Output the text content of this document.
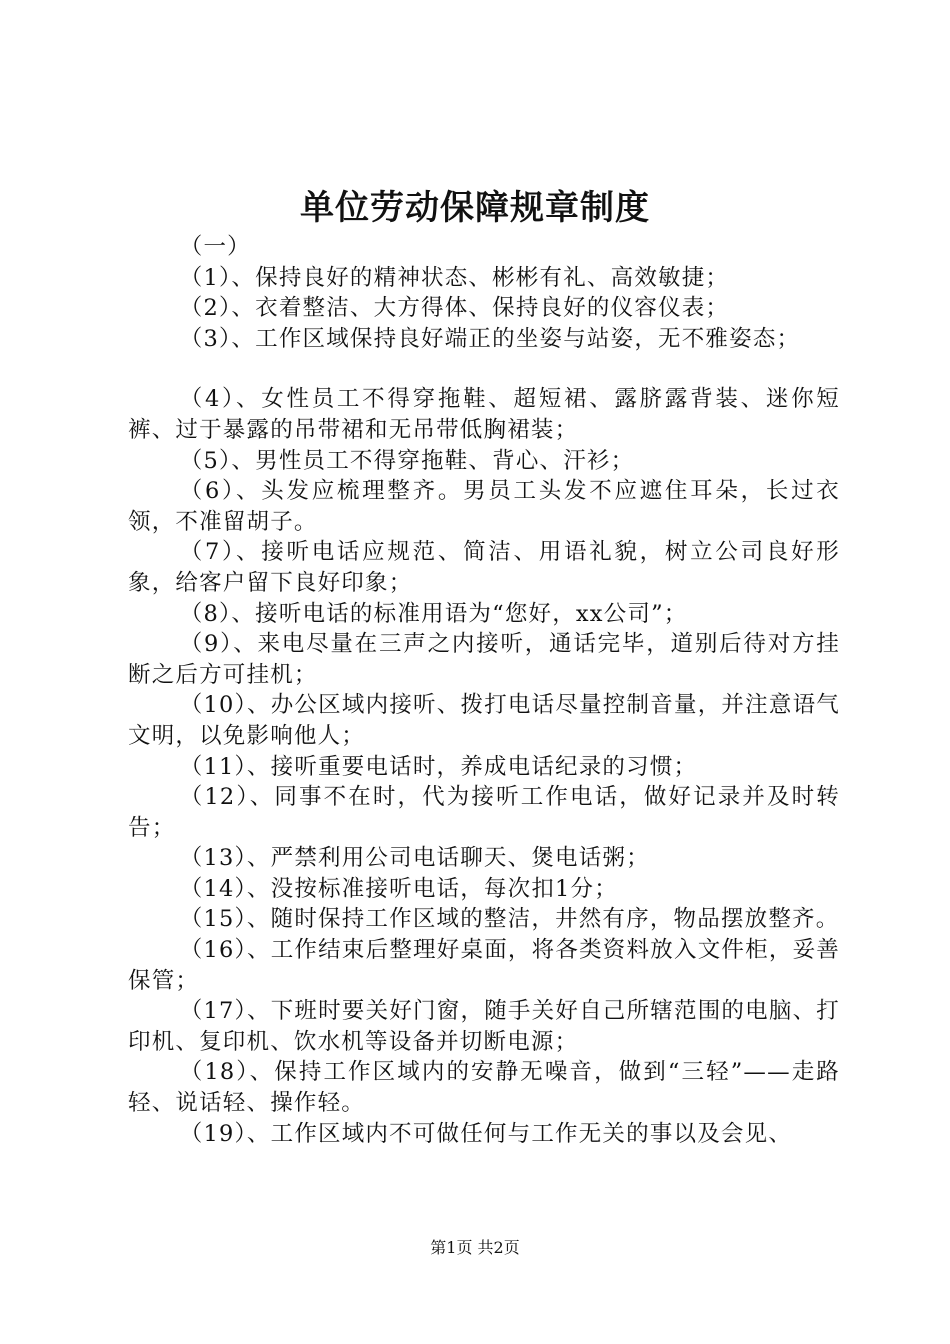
单位劳动保障规章制度

（一）

（1）、保持良好的精神状态、彬彬有礼、高效敏捷；

（2）、衣着整洁、大方得体、保持良好的仪容仪表；

（3）、工作区域保持良好端正的坐姿与站姿，无不雅姿态；

（4）、女性员工不得穿拖鞋、超短裙、露脐露背装、迷你短裤、过于暴露的吊带裙和无吊带低胸裙装；

（5）、男性员工不得穿拖鞋、背心、汗衫；

（6）、头发应梳理整齐。男员工头发不应遮住耳朵，长过衣领，不准留胡子。

（7）、接听电话应规范、简洁、用语礼貌，树立公司良好形象，给客户留下良好印象；

（8）、接听电话的标准用语为“您好，xx公司”；

（9）、来电尽量在三声之内接听，通话完毕，道别后待对方挂断之后方可挂机；

（10）、办公区域内接听、拨打电话尽量控制音量，并注意语气文明，以免影响他人；

（11）、接听重要电话时，养成电话纪录的习惯；

（12）、同事不在时，代为接听工作电话，做好记录并及时转告；

（13）、严禁利用公司电话聊天、煲电话粥；

（14）、没按标准接听电话，每次扣1分；

（15）、随时保持工作区域的整洁，井然有序，物品摆放整齐。

（16）、工作结束后整理好桌面，将各类资料放入文件柜，妥善保管；

（17）、下班时要关好门窗，随手关好自己所辖范围的电脑、打印机、复印机、饮水机等设备并切断电源；

（18）、保持工作区域内的安静无噪音，做到“三轻”——走路轻、说话轻、操作轻。

（19）、工作区域内不可做任何与工作无关的事以及会见、

第1页 共2页
